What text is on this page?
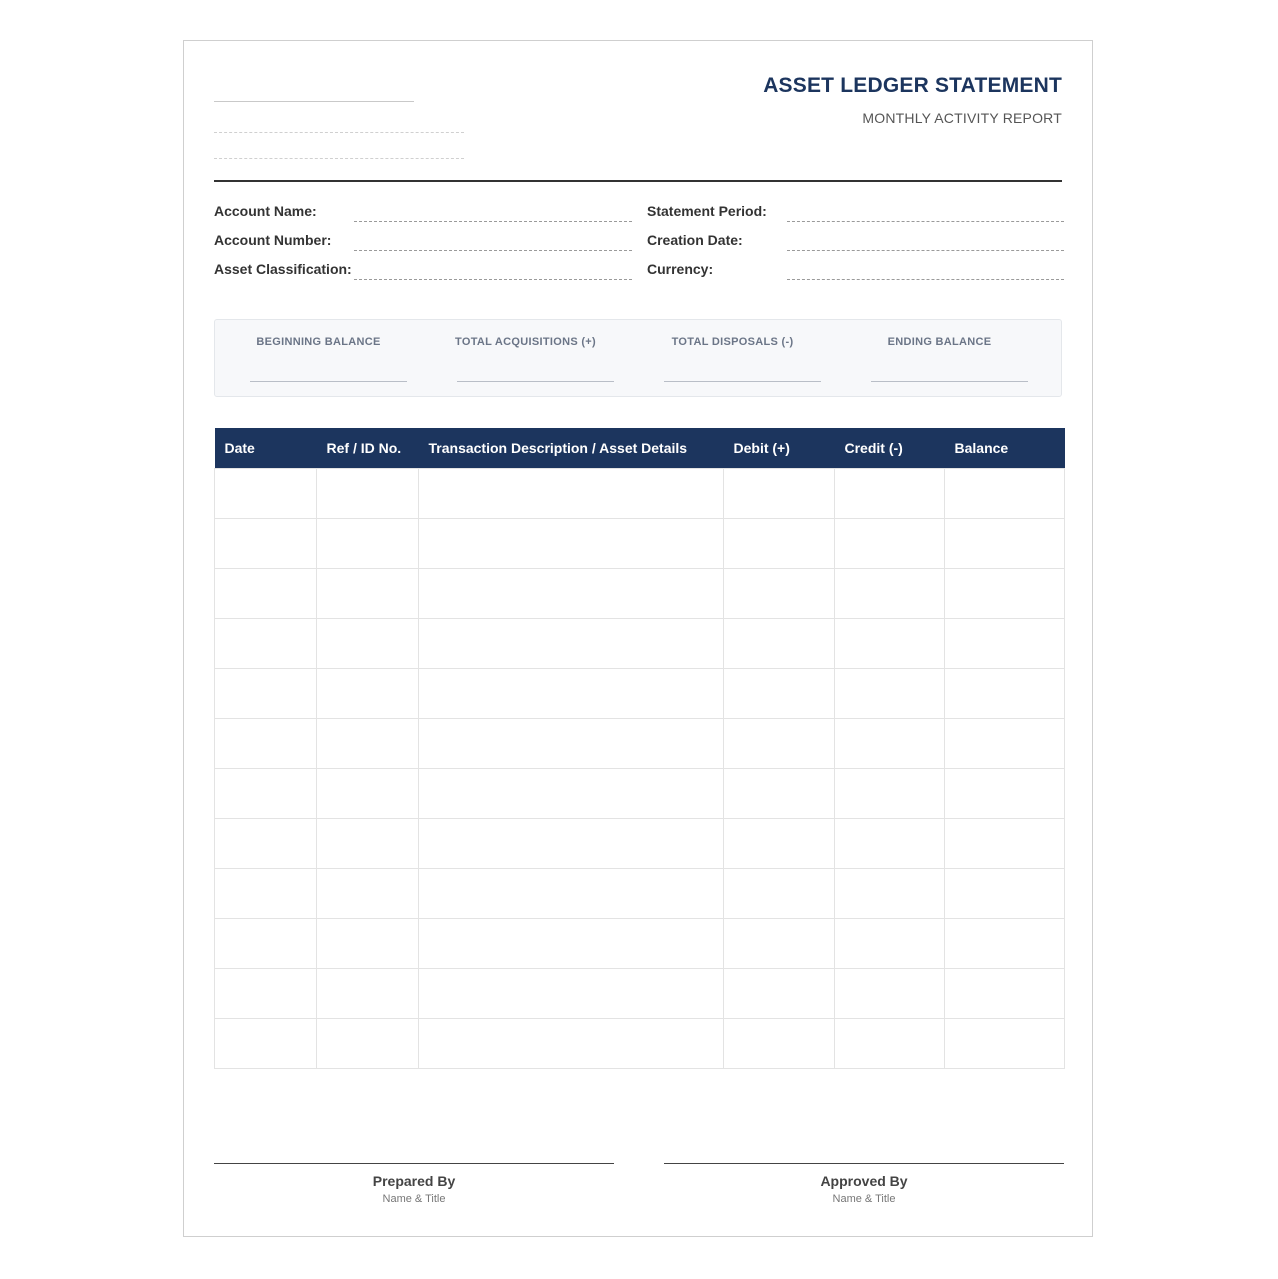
ASSET LEDGER STATEMENT
MONTHLY ACTIVITY REPORT
Account Name:
Account Number:
Asset Classification:
Statement Period:
Creation Date:
Currency:
BEGINNING BALANCE	TOTAL ACQUISITIONS (+)	TOTAL DISPOSALS (-)	ENDING BALANCE
Date	Ref / ID No.	Transaction Description / Asset Details	Debit (+)	Credit (-)	Balance

Prepared By
Name & Title
Approved By
Name & Title
